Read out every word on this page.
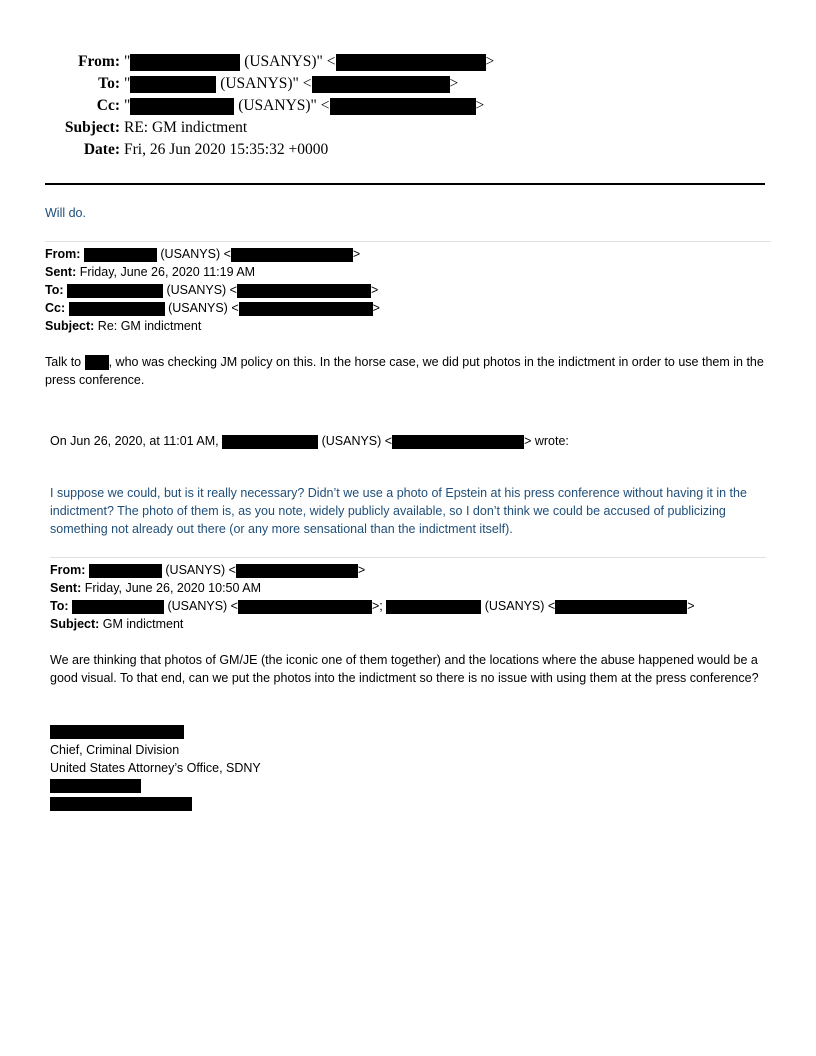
From: "	(USANYS)" <	>
To: "	(USANYS)" <	>
Cc: "	(USANYS)" <	>
Subject: RE: GM indictment
Date: Fri, 26 Jun 2020 15:35:32 +0000
Will do.
From:	(USANYS) <	>
Sent: Friday, June 26, 2020 11:19 AM
To:	(USANYS) <	>
Cc:	(USANYS) <	>
Subject: Re: GM indictment
Talk to , who was checking JM policy on this. In the horse case, we did put photos in the indictment in order to use them in the press conference.
On Jun 26, 2020, at 11:01 AM,	(USANYS) <	> wrote:
I suppose we could, but is it really necessary? Didn’t we use a photo of Epstein at his press conference without having it in the indictment? The photo of them is, as you note, widely publicly available, so I don’t think we could be accused of publicizing something not already out there (or any more sensational than the indictment itself).
From:	(USANYS) <	>
Sent: Friday, June 26, 2020 10:50 AM
To:	(USANYS) <	>;	(USANYS) <	>
Subject: GM indictment
We are thinking that photos of GM/JE (the iconic one of them together) and the locations where the abuse happened would be a good visual. To that end, can we put the photos into the indictment so there is no issue with using them at the press conference?
Chief, Criminal Division
United States Attorney’s Office, SDNY
